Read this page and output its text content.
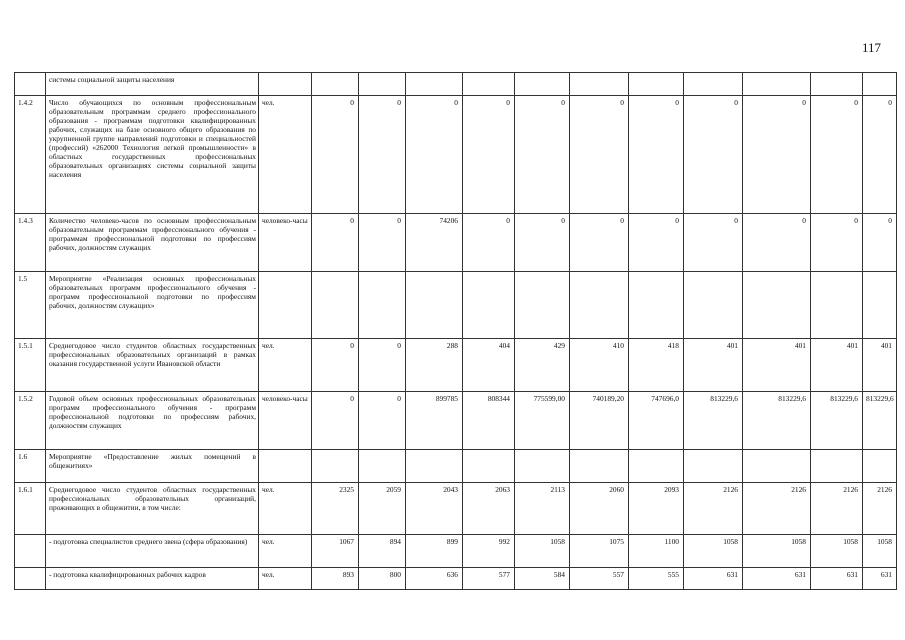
117
	системы социальной защиты населения													
1.4.2	Число обучающихся по основным профессиональным образовательным программам среднего профессионального образования - программам подготовки квалифицированных рабочих, служащих на базе основного общего образования по укрупненной группе направлений подготовки и специальностей (профессий) «262000 Технология легкой промышленности» в областных государственных профессиональных образовательных организациях системы социальной защиты населения	чел.	0	0	0	0	0	0	0	0	0	0	0	
1.4.3	Количество человеко-часов по основным профессиональным образовательным программам профессионального обучения - программам профессиональной подготовки по профессиям рабочих, должностям служащих	человеко-часы	0	0	74206	0	0	0	0	0	0	0	0	
1.5	Мероприятие «Реализация основных профессиональных образовательных программ профессионального обучения - программ профессиональной подготовки по профессиям рабочих, должностям служащих»													
1.5.1	Среднегодовое число студентов областных государственных профессиональных образовательных организаций в рамках оказания государственной услуги Ивановской области	чел.	0	0	288	404	429	410	418	401	401	401	401	
1.5.2	Годовой объем основных профессиональных образовательных программ профессионального обучения - программ профессиональной подготовки по профессиям рабочих, должностям служащих	человеко-часы	0	0	899785	808344	775599,00	740189,20	747696,0	813229,6	813229,6	813229,6	813229,6	
1.6	Мероприятие «Предоставление жилых помещений в общежитиях»													
1.6.1	Среднегодовое число студентов областных государственных профессиональных образовательных организаций, проживающих в общежитии, в том числе:	чел.	2325	2059	2043	2063	2113	2060	2093	2126	2126	2126	2126	
	- подготовка специалистов среднего звена (сфера образования)	чел.	1067	894	899	992	1058	1075	1100	1058	1058	1058	1058	
	- подготовка квалифицированных рабочих кадров	чел.	893	800	636	577	584	557	555	631	631	631	631	
